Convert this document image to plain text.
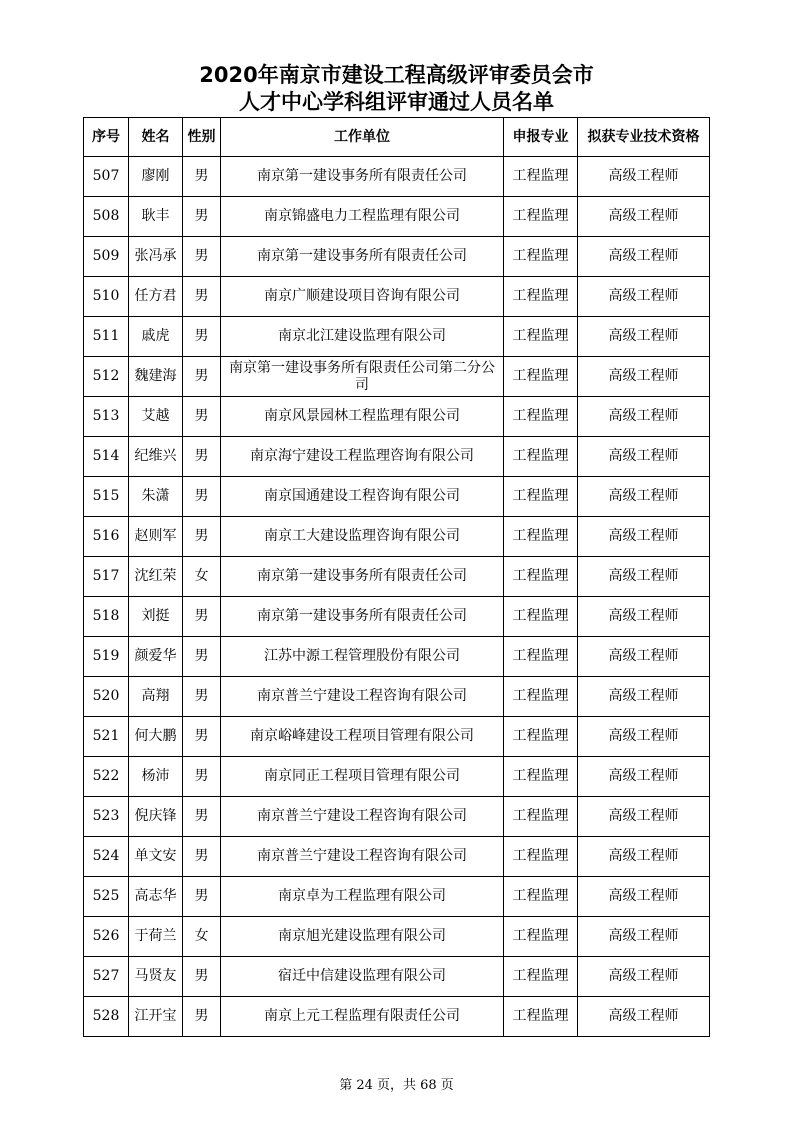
2020年南京市建设工程高级评审委员会市
人才中心学科组评审通过人员名单
序号	姓名	性别	工作单位	申报专业	拟获专业技术资格
507	廖刚	男	南京第一建设事务所有限责任公司	工程监理	高级工程师
508	耿丰	男	南京锦盛电力工程监理有限公司	工程监理	高级工程师
509	张冯承	男	南京第一建设事务所有限责任公司	工程监理	高级工程师
510	任方君	男	南京广顺建设项目咨询有限公司	工程监理	高级工程师
511	戚虎	男	南京北江建设监理有限公司	工程监理	高级工程师
512	魏建海	男	南京第一建设事务所有限责任公司第二分公司	工程监理	高级工程师
513	艾越	男	南京风景园林工程监理有限公司	工程监理	高级工程师
514	纪维兴	男	南京海宁建设工程监理咨询有限公司	工程监理	高级工程师
515	朱潇	男	南京国通建设工程咨询有限公司	工程监理	高级工程师
516	赵则军	男	南京工大建设监理咨询有限公司	工程监理	高级工程师
517	沈红荣	女	南京第一建设事务所有限责任公司	工程监理	高级工程师
518	刘挺	男	南京第一建设事务所有限责任公司	工程监理	高级工程师
519	颜爱华	男	江苏中源工程管理股份有限公司	工程监理	高级工程师
520	高翔	男	南京普兰宁建设工程咨询有限公司	工程监理	高级工程师
521	何大鹏	男	南京峪峰建设工程项目管理有限公司	工程监理	高级工程师
522	杨沛	男	南京同正工程项目管理有限公司	工程监理	高级工程师
523	倪庆锋	男	南京普兰宁建设工程咨询有限公司	工程监理	高级工程师
524	单文安	男	南京普兰宁建设工程咨询有限公司	工程监理	高级工程师
525	高志华	男	南京卓为工程监理有限公司	工程监理	高级工程师
526	于荷兰	女	南京旭光建设监理有限公司	工程监理	高级工程师
527	马贤友	男	宿迁中信建设监理有限公司	工程监理	高级工程师
528	江开宝	男	南京上元工程监理有限责任公司	工程监理	高级工程师
第 24 页，共 68 页
